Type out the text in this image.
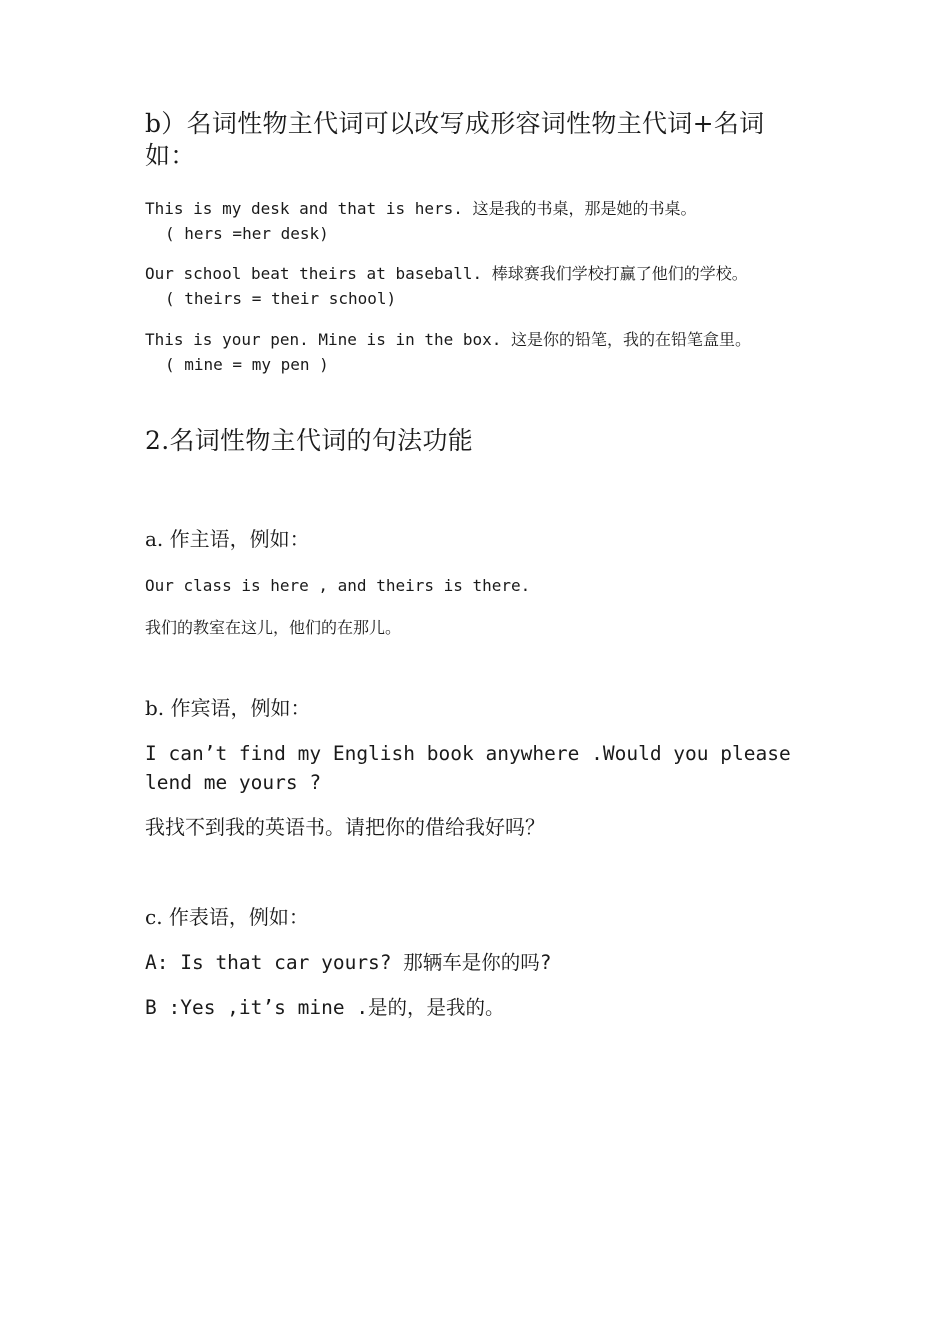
b）名词性物主代词可以改写成形容词性物主代词+名词
如：
This is my desk and that is hers. 这是我的书桌，那是她的书桌。
( hers =her desk)
Our school beat theirs at baseball. 棒球赛我们学校打赢了他们的学校。
( theirs = their school)
This is your pen. Mine is in the box. 这是你的铅笔，我的在铅笔盒里。
( mine = my pen )
2.名词性物主代词的句法功能
a. 作主语，例如：
Our class is here , and theirs is there.
我们的教室在这儿，他们的在那儿。
b. 作宾语，例如：
I can’t find my English book anywhere .Would you please
lend me yours ?
我找不到我的英语书。请把你的借给我好吗？
c. 作表语，例如：
A: Is that car yours? 那辆车是你的吗?
B :Yes ,it’s mine .是的，是我的。
